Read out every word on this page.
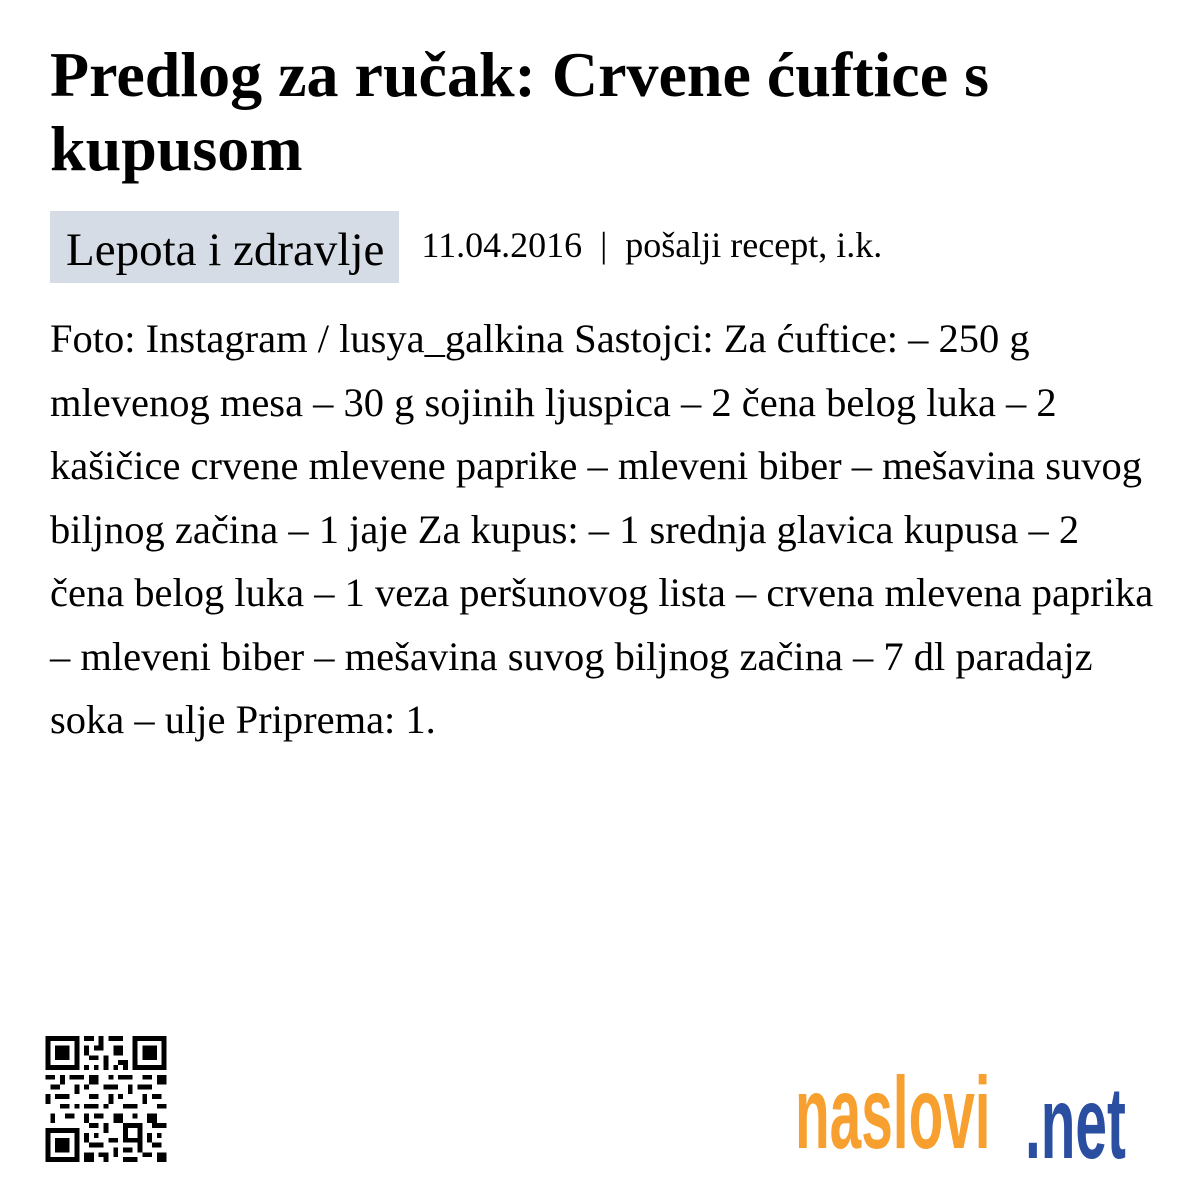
Predlog za ručak: Crvene ćuftice s kupusom
Lepota i zdravlje	11.04.2016 | pošalji recept, i.k.

Foto: Instagram / lusya_galkina Sastojci: Za ćuftice: – 250 g mlevenog mesa – 30 g sojinih ljuspica – 2 čena belog luka – 2 kašičice crvene mlevene paprike – mleveni biber – mešavina suvog biljnog začina – 1 jaje Za kupus: – 1 srednja glavica kupusa – 2 čena belog luka – 1 veza peršunovog lista – crvena mlevena paprika – mleveni biber – mešavina suvog biljnog začina – 7 dl paradajz soka – ulje Priprema: 1.

naslovi .net
